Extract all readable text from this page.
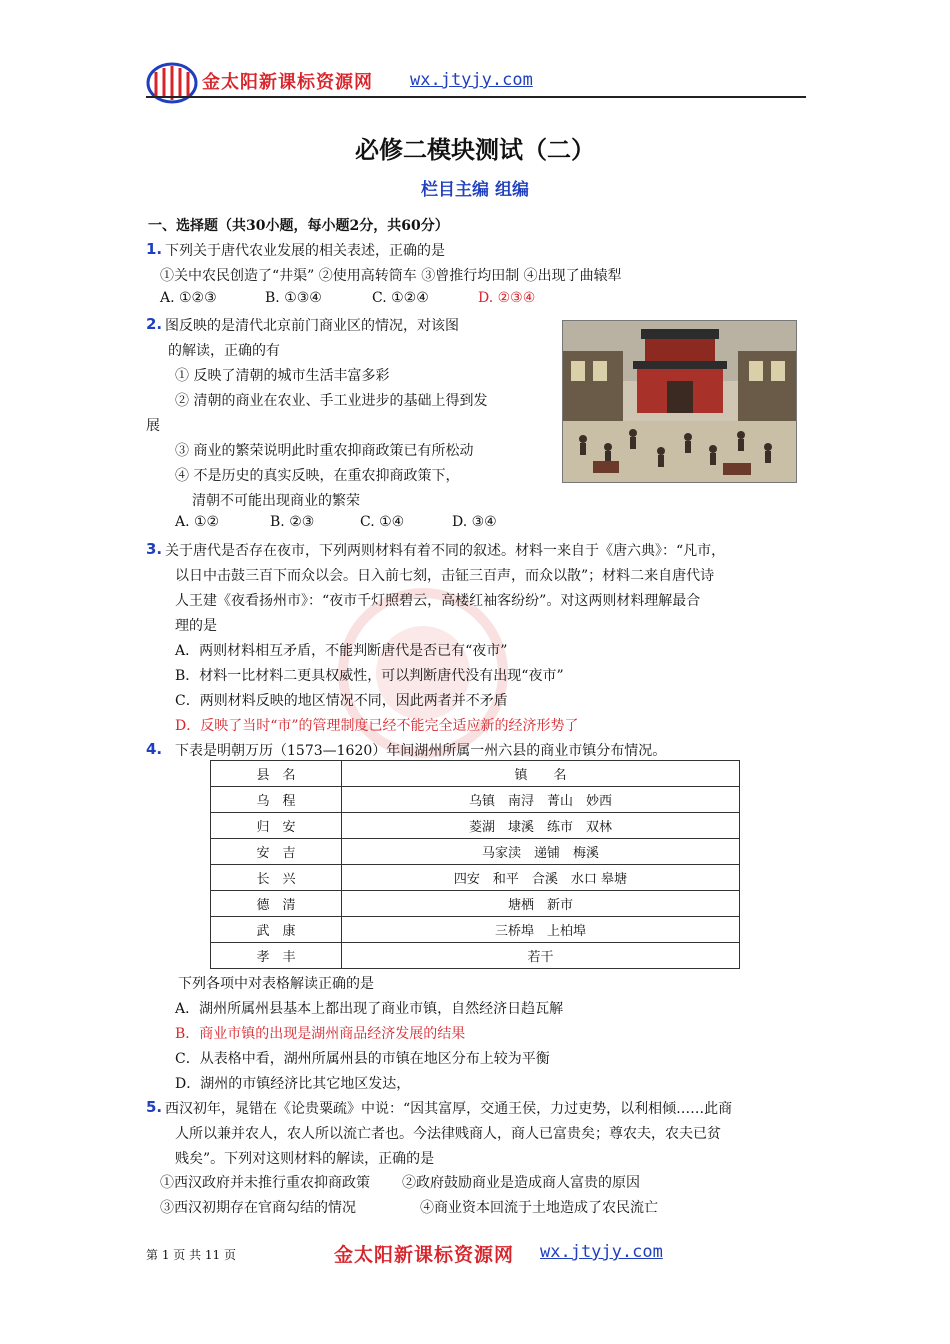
金太阳新课标资源网 wx.jtyjy.com
必修二模块测试（二）
栏目主编 组编
一、选择题（共30小题，每小题2分，共60分）
1. 下列关于唐代农业发展的相关表述，正确的是
①关中农民创造了“井渠” ②使用高转筒车 ③曾推行均田制 ④出现了曲辕犁
A. ①②③	B. ①③④	C. ①②④	D. ②③④
2. 图反映的是清代北京前门商业区的情况，对该图
的解读，正确的有
① 反映了清朝的城市生活丰富多彩
② 清朝的商业在农业、手工业进步的基础上得到发
展
③ 商业的繁荣说明此时重农抑商政策已有所松动
④ 不是历史的真实反映，在重农抑商政策下，
清朝不可能出现商业的繁荣
A. ①②	B. ②③	C. ①④	D. ③④
3. 关于唐代是否存在夜市，下列两则材料有着不同的叙述。材料一来自于《唐六典》：“凡市，
以日中击鼓三百下而众以会。日入前七刻，击钲三百声，而众以散”；材料二来自唐代诗
人王建《夜看扬州市》：“夜市千灯照碧云，高楼红袖客纷纷”。对这两则材料理解最合
理的是
A．两则材料相互矛盾，不能判断唐代是否已有“夜市”
B．材料一比材料二更具权威性，可以判断唐代没有出现“夜市”
C．两则材料反映的地区情况不同，因此两者并不矛盾
D．反映了当时“市”的管理制度已经不能完全适应新的经济形势了
4. 下表是明朝万历（1573—1620）年间湖州所属一州六县的商业市镇分布情况。
县　名	镇　　名
乌　程	乌镇　南浔　菁山　妙西
归　安	菱湖　埭溪　练市　双林
安　吉	马家渎　递铺　梅溪
长　兴	四安　和平　合溪　水口 皋塘
德　清	塘栖　新市
武　康	三桥埠　上柏埠
孝　丰	若干
下列各项中对表格解读正确的是
A．湖州所属州县基本上都出现了商业市镇，自然经济日趋瓦解
B．商业市镇的出现是湖州商品经济发展的结果
C．从表格中看，湖州所属州县的市镇在地区分布上较为平衡
D．湖州的市镇经济比其它地区发达，
5. 西汉初年，晁错在《论贵粟疏》中说：“因其富厚，交通王侯，力过吏势，以利相倾……此商
人所以兼并农人，农人所以流亡者也。今法律贱商人，商人已富贵矣；尊农夫，农夫已贫
贱矣”。下列对这则材料的解读，正确的是
①西汉政府并未推行重农抑商政策 ②政府鼓励商业是造成商人富贵的原因
③西汉初期存在官商勾结的情况	④商业资本回流于土地造成了农民流亡
第 1 页 共 11 页	金太阳新课标资源网 wx.jtyjy.com
